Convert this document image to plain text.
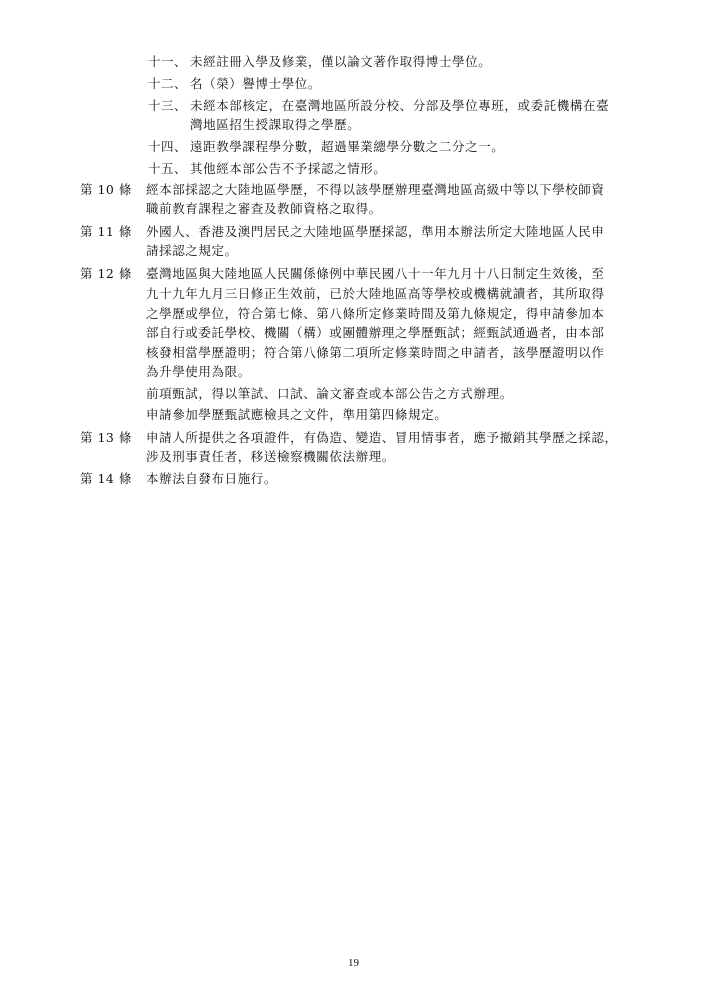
十一、 未經註冊入學及修業，僅以論文著作取得博士學位。
十二、 名（榮）譽博士學位。
十三、 未經本部核定，在臺灣地區所設分校、分部及學位專班，或委託機構在臺
灣地區招生授課取得之學歷。
十四、 遠距教學課程學分數，超過畢業總學分數之二分之一。
十五、 其他經本部公告不予採認之情形。
第 10 條 經本部採認之大陸地區學歷，不得以該學歷辦理臺灣地區高級中等以下學校師資
職前教育課程之審查及教師資格之取得。
第 11 條 外國人、香港及澳門居民之大陸地區學歷採認，準用本辦法所定大陸地區人民申
請採認之規定。
第 12 條 臺灣地區與大陸地區人民關係條例中華民國八十一年九月十八日制定生效後，至
九十九年九月三日修正生效前，已於大陸地區高等學校或機構就讀者，其所取得
之學歷或學位，符合第七條、第八條所定修業時間及第九條規定，得申請參加本
部自行或委託學校、機關（構）或團體辦理之學歷甄試；經甄試通過者，由本部
核發相當學歷證明；符合第八條第二項所定修業時間之申請者，該學歷證明以作
為升學使用為限。
前項甄試，得以筆試、口試、論文審查或本部公告之方式辦理。
申請參加學歷甄試應檢具之文件，準用第四條規定。
第 13 條 申請人所提供之各項證件，有偽造、變造、冒用情事者，應予撤銷其學歷之採認，
涉及刑事責任者，移送檢察機關依法辦理。
第 14 條 本辦法自發布日施行。
19
